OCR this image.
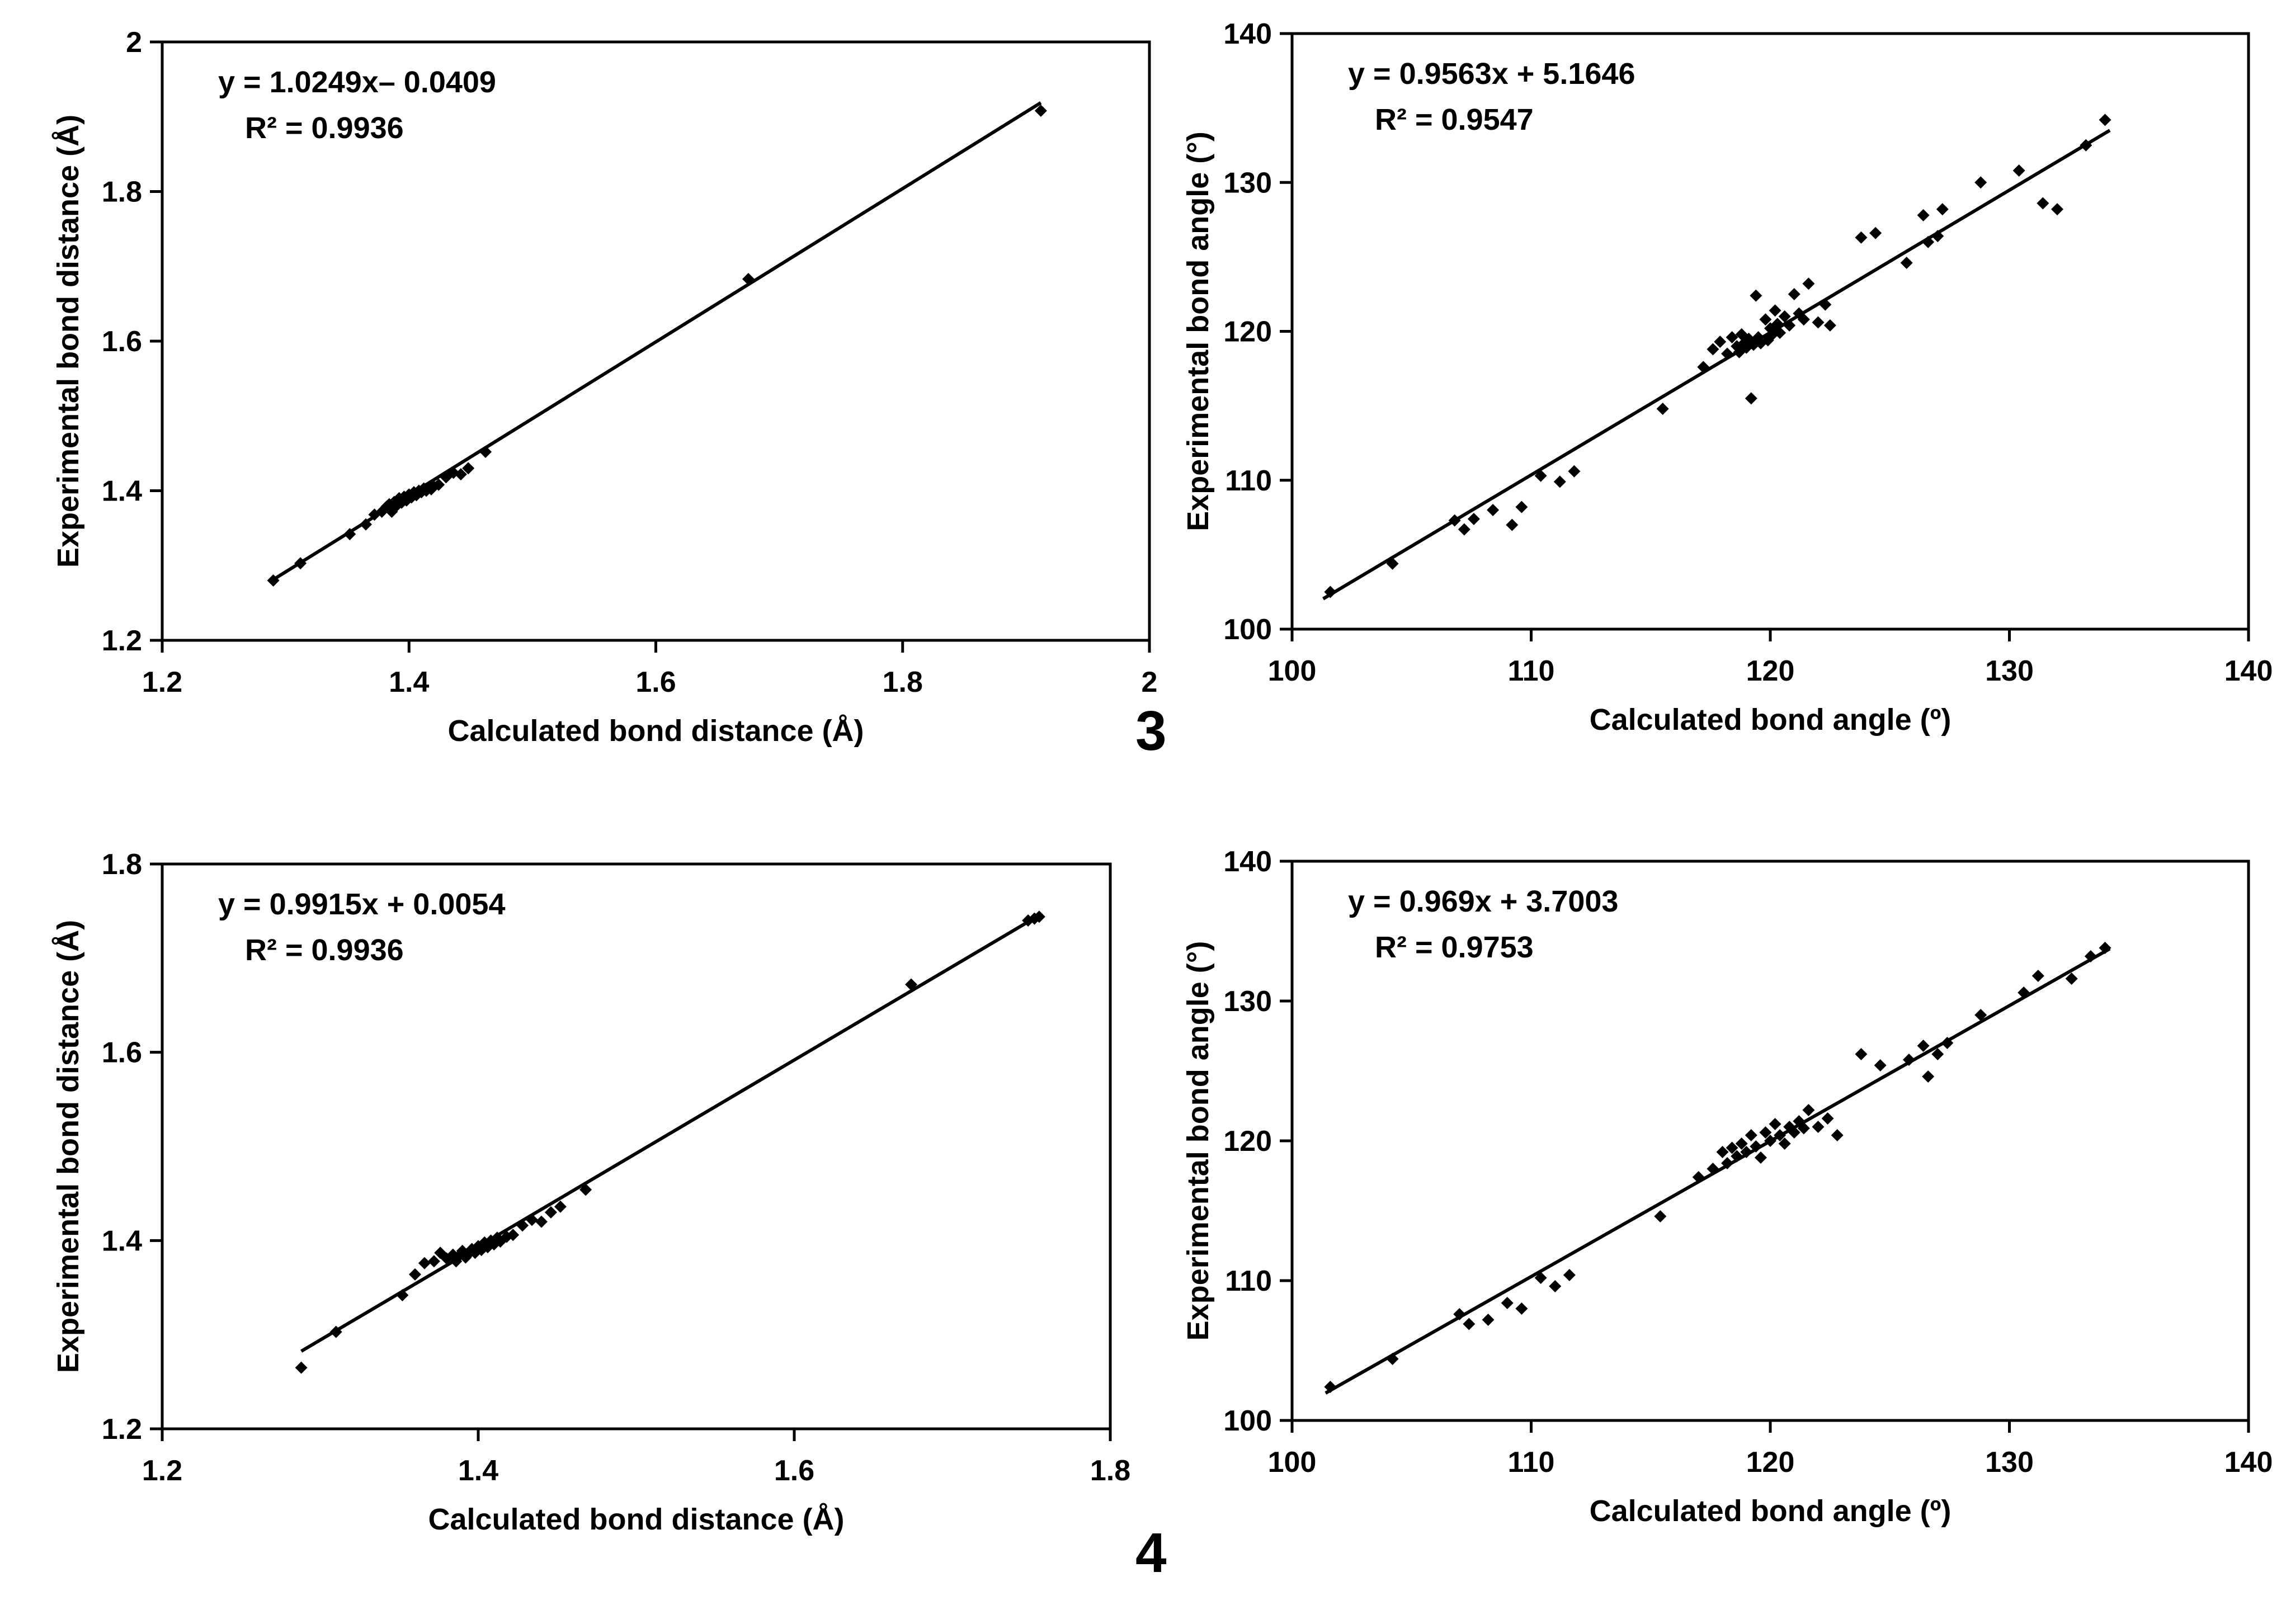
1.2	1.4	1.6	1.8	2
1.2
1.4
1.6
1.8
2
Calculated bond distance (Å)
Experimental bond distance (Å)
y = 1.0249x– 0.0409
R² = 0.9936
100	110	120	130	140
100
110
120
130
140
Calculated bond angle (º)
Experimental bond angle (°)
y = 0.9563x + 5.1646
R² = 0.9547
1.2	1.4	1.6	1.8
1.2
1.4
1.6
1.8
Calculated bond distance (Å)
Experimental bond distance (Å)
y = 0.9915x + 0.0054
R² = 0.9936
100	110	120	130	140
100
110
120
130
140
Calculated bond angle (º)
Experimental bond angle (°)
y = 0.969x + 3.7003
R² = 0.9753
3
4
